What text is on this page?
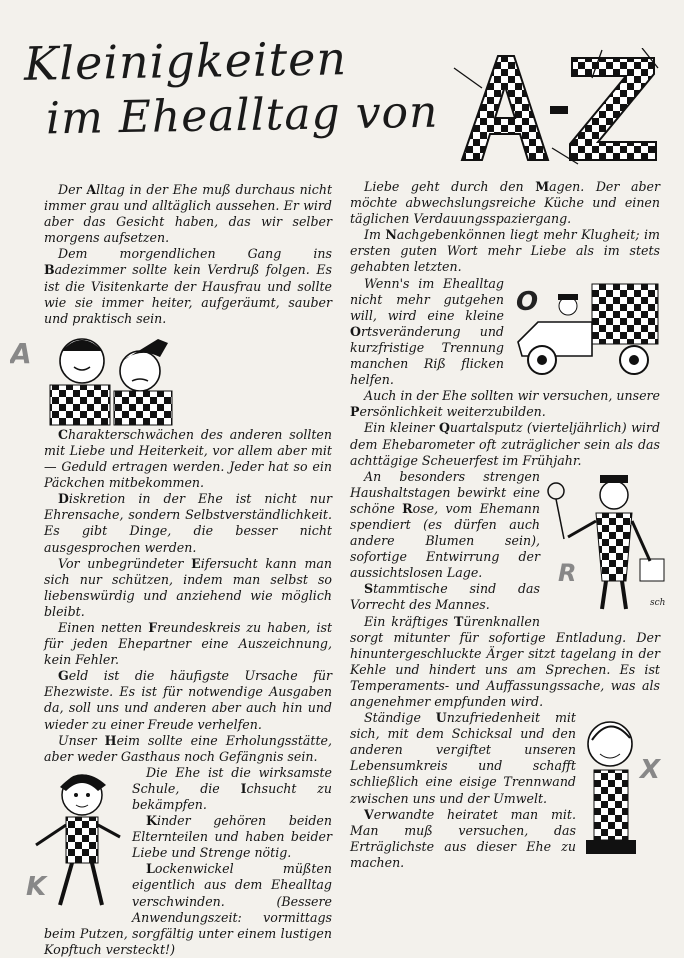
Kleinigkeiten
im Ehealltag von

Der Alltag in der Ehe muß durchaus nicht immer grau und alltäglich aussehen. Er wird aber das Gesicht haben, das wir selber morgens aufsetzen.

Dem morgendlichen Gang ins Badezimmer sollte kein Verdruß folgen. Es ist die Visitenkarte der Hausfrau und sollte wie sie immer heiter, aufgeräumt, sauber und praktisch sein.

A

Charakterschwächen des anderen sollten mit Liebe und Heiterkeit, vor allem aber mit — Geduld ertragen werden. Jeder hat so ein Päckchen mitbekommen.

Diskretion in der Ehe ist nicht nur Ehrensache, sondern Selbstverständlichkeit. Es gibt Dinge, die besser nicht ausgesprochen werden.

Vor unbegründeter Eifersucht kann man sich nur schützen, indem man selbst so liebenswürdig und anziehend wie möglich bleibt.

Einen netten Freundeskreis zu haben, ist für jeden Ehepartner eine Auszeichnung, kein Fehler.

Geld ist die häufigste Ursache für Ehezwiste. Es ist für notwendige Ausgaben da, soll uns und anderen aber auch hin und wieder zu einer Freude verhelfen.

Unser Heim sollte eine Erholungsstätte, aber weder Gasthaus noch Gefängnis sein.

K

Die Ehe ist die wirksamste Schule, die Ichsucht zu bekämpfen.

Kinder gehören beiden Elternteilen und haben beider Liebe und Strenge nötig.

Lockenwickel müßten eigentlich aus dem Ehealltag verschwinden. (Bessere Anwendungszeit: vormittags beim Putzen, sorgfältig unter einem lustigen Kopftuch versteckt!)

Liebe geht durch den Magen. Der aber möchte abwechslungsreiche Küche und einen täglichen Verdauungsspaziergang.

Im Nachgebenkönnen liegt mehr Klugheit; im ersten guten Wort mehr Liebe als im stets gehabten letzten.

O

Wenn's im Ehealltag nicht mehr gutgehen will, wird eine kleine Ortsveränderung und kurzfristige Trennung manchen Riß flicken helfen.

Auch in der Ehe sollten wir versuchen, unsere Persönlichkeit weiterzubilden.

Ein kleiner Quartalsputz (vierteljährlich) wird dem Ehebarometer oft zuträglicher sein als das achttägige Scheuerfest im Frühjahr.

R
sch

An besonders strengen Haushaltstagen bewirkt eine schöne Rose, vom Ehemann spendiert (es dürfen auch andere Blumen sein), sofortige Entwirrung der aussichtslosen Lage.

Stammtische sind das Vorrecht des Mannes.

Ein kräftiges Türenknallen sorgt mitunter für sofortige Entladung. Der hinuntergeschluckte Ärger sitzt tagelang in der Kehle und hindert uns am Sprechen. Es ist Temperaments- und Auffassungssache, was als angenehmer empfunden wird.

X

Ständige Unzufriedenheit mit sich, mit dem Schicksal und den anderen vergiftet unseren Lebensumkreis und schafft schließlich eine eisige Trennwand zwischen uns und der Umwelt.

Verwandte heiratet man mit. Man muß versuchen, das Erträglichste aus dieser Ehe zu machen.
